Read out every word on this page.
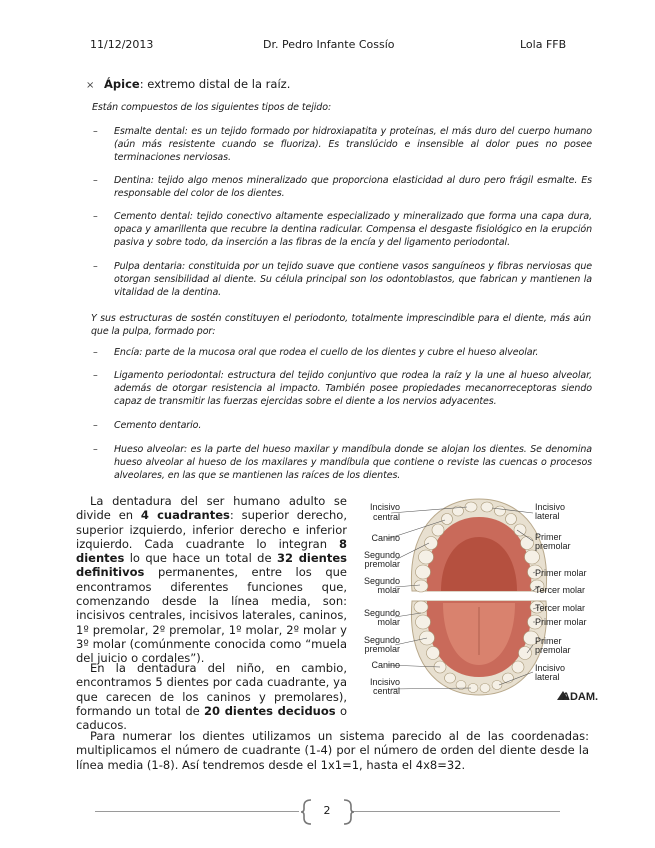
11/12/2013	Dr. Pedro Infante Cossío	Lola FFB
× Ápice: extremo distal de la raíz.
Están compuestos de los siguientes tipos de tejido:
–	Esmalte dental: es un tejido formado por hidroxiapatita y proteínas, el más duro del cuerpo humano (aún más resistente cuando se fluoriza). Es translúcido e insensible al dolor pues no posee terminaciones nerviosas.
–	Dentina: tejido algo menos mineralizado que proporciona elasticidad al duro pero frágil esmalte. Es responsable del color de los dientes.
–	Cemento dental: tejido conectivo altamente especializado y mineralizado que forma una capa dura, opaca y amarillenta que recubre la dentina radicular. Compensa el desgaste fisiológico en la erupción pasiva y sobre todo, da inserción a las fibras de la encía y del ligamento periodontal.
–	Pulpa dentaria: constituida por un tejido suave que contiene vasos sanguíneos y fibras nerviosas que otorgan sensibilidad al diente. Su célula principal son los odontoblastos, que fabrican y mantienen la vitalidad de la dentina.
Y sus estructuras de sostén constituyen el periodonto, totalmente imprescindible para el diente, más aún que la pulpa, formado por:
–	Encía: parte de la mucosa oral que rodea el cuello de los dientes y cubre el hueso alveolar.
–	Ligamento periodontal: estructura del tejido conjuntivo que rodea la raíz y la une al hueso alveolar, además de otorgar resistencia al impacto. También posee propiedades mecanorreceptoras siendo capaz de transmitir las fuerzas ejercidas sobre el diente a los nervios adyacentes.
–	Cemento dentario.
–	Hueso alveolar: es la parte del hueso maxilar y mandíbula donde se alojan los dientes. Se denomina hueso alveolar al hueso de los maxilares y mandíbula que contiene o reviste las cuencas o procesos alveolares, en las que se mantienen las raíces de los dientes.
La dentadura del ser humano adulto se divide en 4 cuadrantes: superior derecho, superior izquierdo, inferior derecho e inferior izquierdo. Cada cuadrante lo integran 8 dientes lo que hace un total de 32 dientes definitivos permanentes, entre los que encontramos diferentes funciones que, comenzando desde la línea media, son: incisivos centrales, incisivos laterales, caninos, 1º premolar, 2º premolar, 1º molar, 2º molar y 3º molar (comúnmente conocida como “muela del juicio o cordales”).
En la dentadura del niño, en cambio, encontramos 5 dientes por cada cuadrante, ya que carecen de los caninos y premolares), formando un total de 20 dientes deciduos o caducos.
Para numerar los dientes utilizamos un sistema parecido al de las coordenadas: multiplicamos el número de cuadrante (1-4) por el número de orden del diente desde la línea media (1-8). Así tendremos desde el 1x1=1, hasta el 4x8=32.
Incisivo
central
Canino
Segundo
premolar
Segundo
molar
Segundo
molar
Segundo
premolar
Canino
Incisivo
central
Incisivo
lateral
Primer
premolar
Primer molar
Tercer molar
Tercer molar
Primer molar
Primer
premolar
Incisivo
lateral
ADAM.
2
